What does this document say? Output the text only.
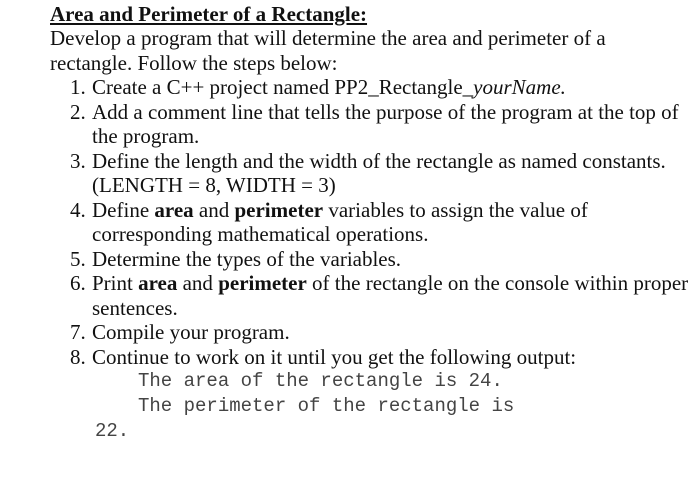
Area and Perimeter of a Rectangle:

Develop a program that will determine the area and perimeter of a rectangle. Follow the steps below:

1. Create a C++ project named PP2_Rectangle_yourName.
2. Add a comment line that tells the purpose of the program at the top of the program.
3. Define the length and the width of the rectangle as named constants.
(LENGTH = 8, WIDTH = 3)
4. Define area and perimeter variables to assign the value of corresponding mathematical operations.
5. Determine the types of the variables.
6. Print area and perimeter of the rectangle on the console within proper sentences.
7. Compile your program.
8. Continue to work on it until you get the following output:
The area of the rectangle is 24.
The perimeter of the rectangle is
22.
